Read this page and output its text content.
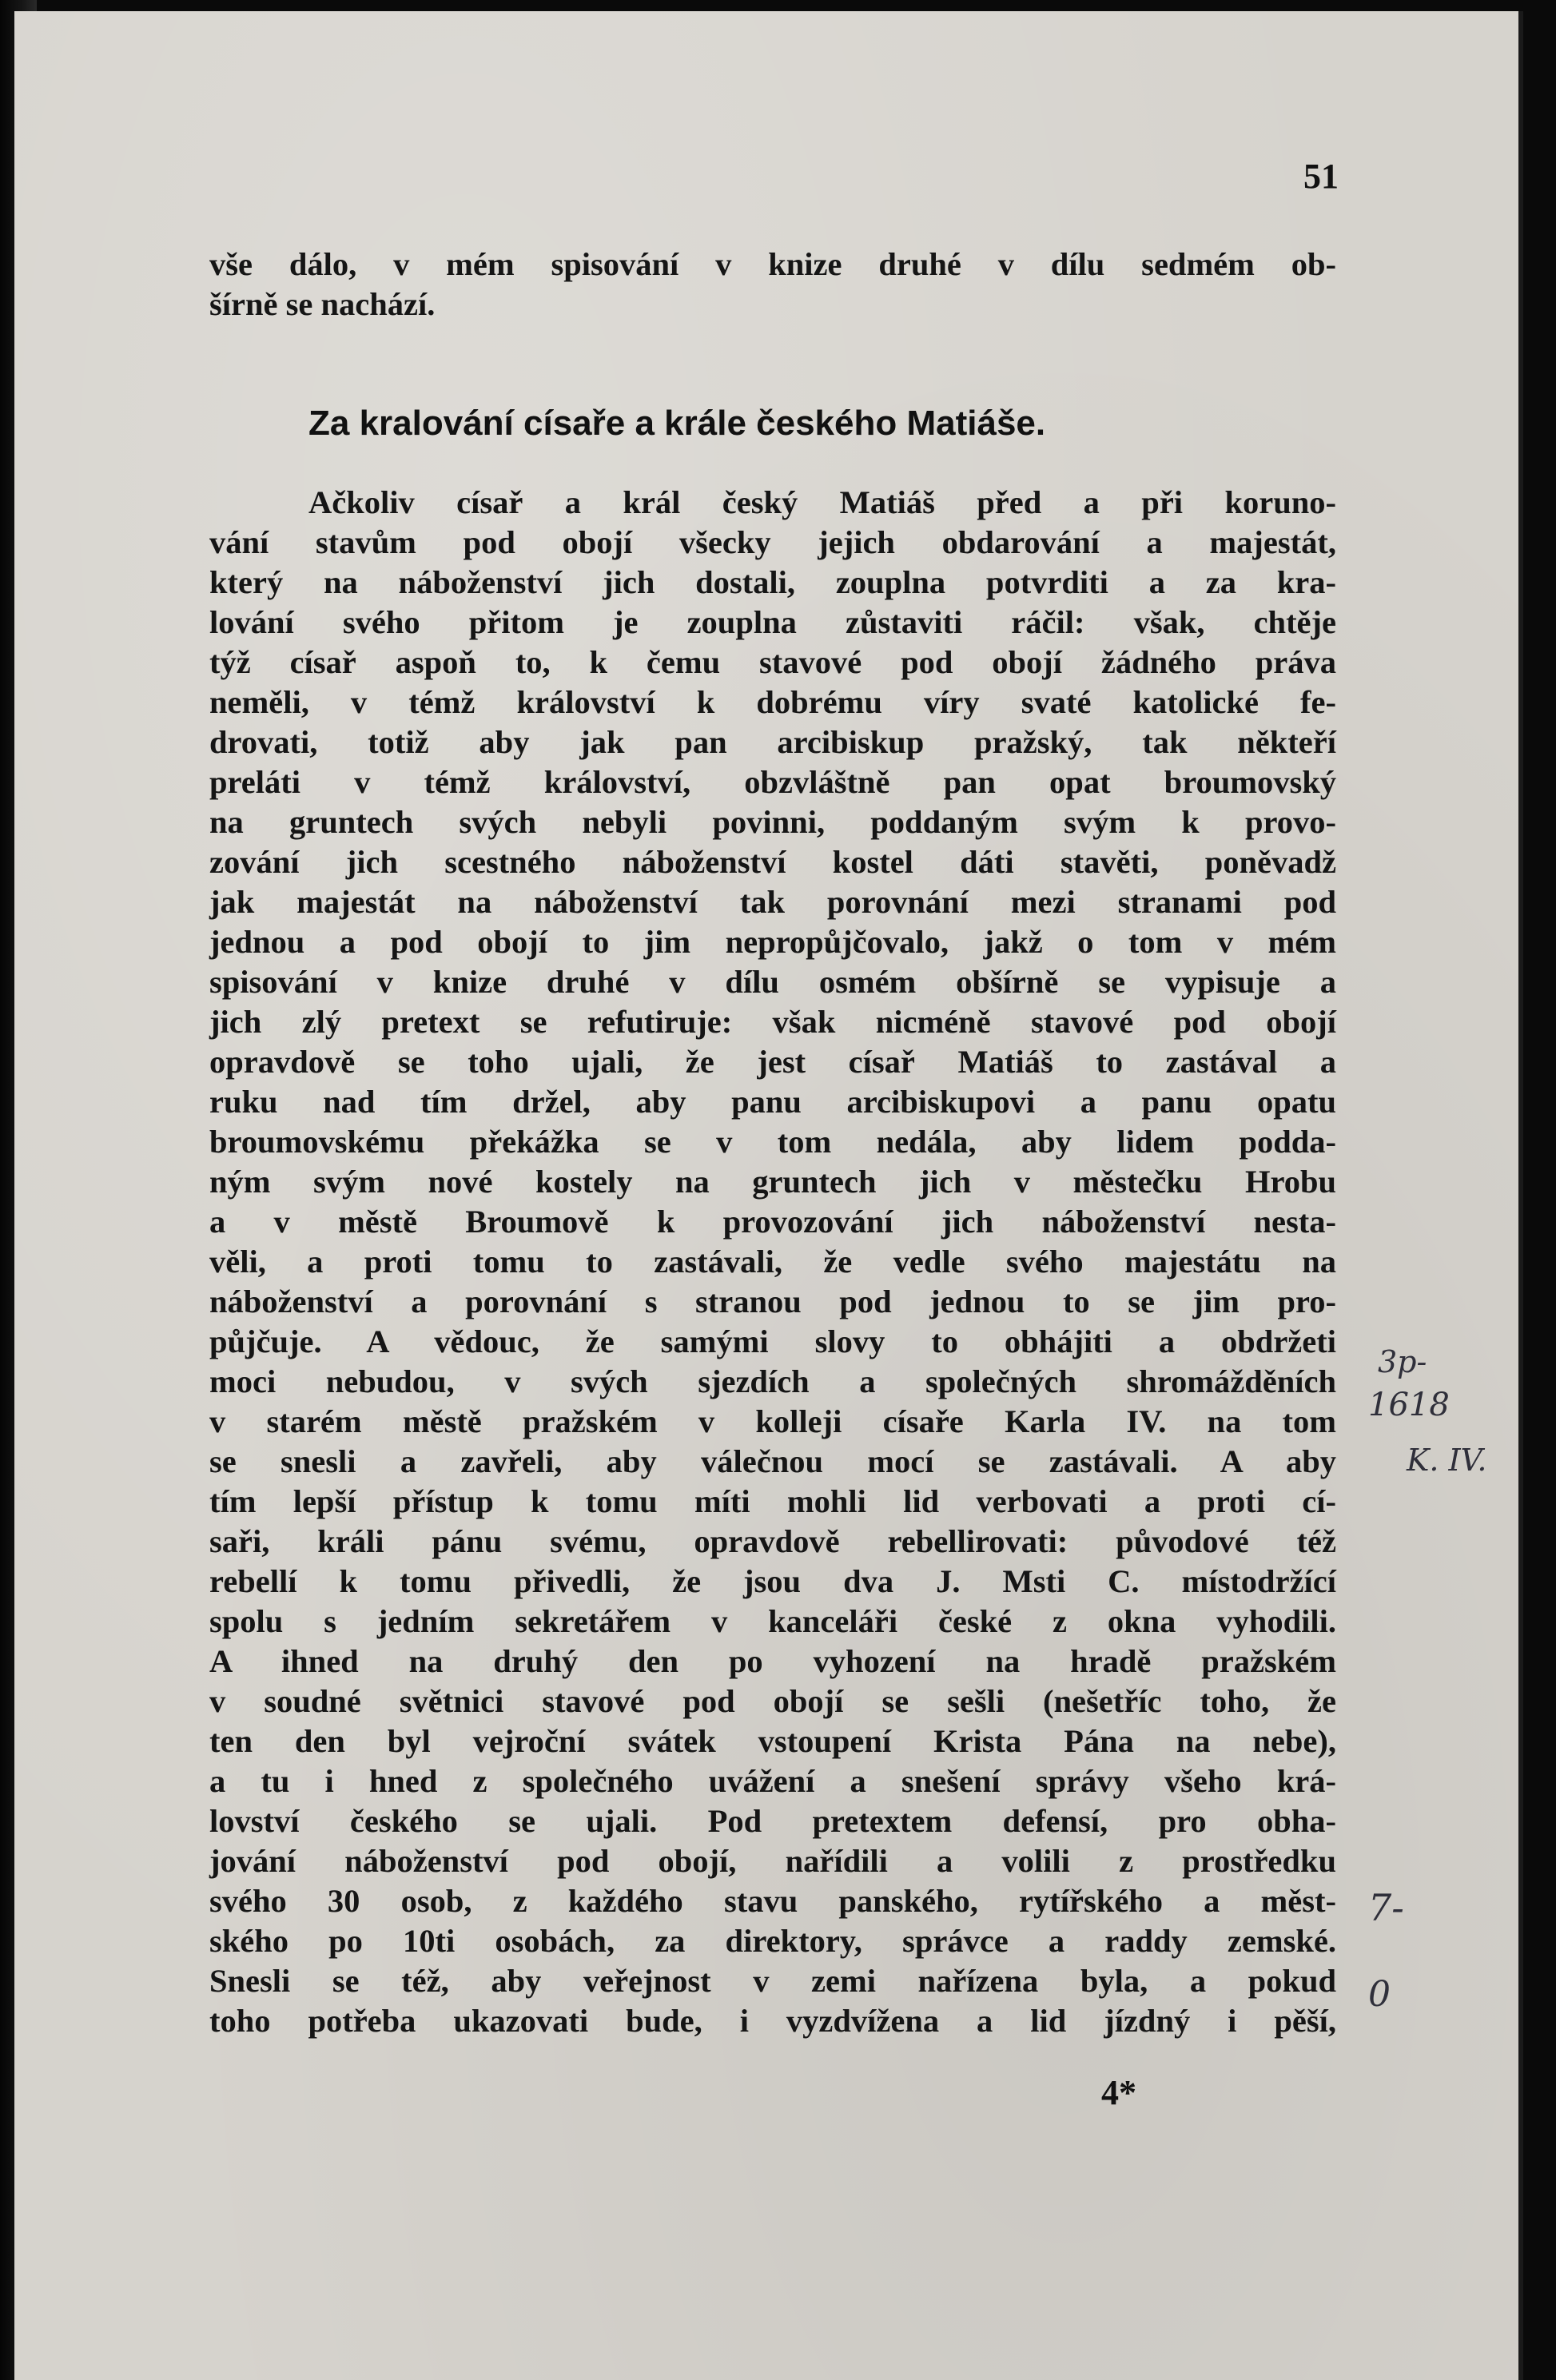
51

vše dálo, v mém spisování v knize druhé v dílu sedmém ob-

šírně se nachází.

Za kralování císaře a krále českého Matiáše.

Ačkoliv císař a král český Matiáš před a při koruno-

vání stavům pod obojí všecky jejich obdarování a majestát,

který na náboženství jich dostali, zouplna potvrditi a za kra-

lování svého přitom je zouplna zůstaviti ráčil: však, chtěje

týž císař aspoň to, k čemu stavové pod obojí žádného práva

neměli, v témž království k dobrému víry svaté katolické fe-

drovati, totiž aby jak pan arcibiskup pražský, tak někteří

preláti v témž království, obzvláštně pan opat broumovský

na gruntech svých nebyli povinni, poddaným svým k provo-

zování jich scestného náboženství kostel dáti stavěti, poněvadž

jak majestát na náboženství tak porovnání mezi stranami pod

jednou a pod obojí to jim nepropůjčovalo, jakž o tom v mém

spisování v knize druhé v dílu osmém obšírně se vypisuje a

jich zlý pretext se refutiruje: však nicméně stavové pod obojí

opravdově se toho ujali, že jest císař Matiáš to zastával a

ruku nad tím držel, aby panu arcibiskupovi a panu opatu

broumovskému překážka se v tom nedála, aby lidem podda-

ným svým nové kostely na gruntech jich v městečku Hrobu

a v městě Broumově k provozování jich náboženství nesta-

věli, a proti tomu to zastávali, že vedle svého majestátu na

náboženství a porovnání s stranou pod jednou to se jim pro-

půjčuje. A vědouc, že samými slovy to obhájiti a obdržeti

moci nebudou, v svých sjezdích a společných shromážděních

v starém městě pražském v kolleji císaře Karla IV. na tom

se snesli a zavřeli, aby válečnou mocí se zastávali. A aby

tím lepší přístup k tomu míti mohli lid verbovati a proti cí-

saři, králi pánu svému, opravdově rebellirovati: původové též

rebellí k tomu přivedli, že jsou dva J. Msti C. místodržící

spolu s jedním sekretářem v kanceláři české z okna vyhodili.

A ihned na druhý den po vyhození na hradě pražském

v soudné světnici stavové pod obojí se sešli (nešetříc toho, že

ten den byl vejroční svátek vstoupení Krista Pána na nebe),

a tu i hned z společného uvážení a snešení správy všeho krá-

lovství českého se ujali. Pod pretextem defensí, pro obha-

jování náboženství pod obojí, nařídili a volili z prostředku

svého 30 osob, z každého stavu panského, rytířského a měst-

ského po 10ti osobách, za direktory, správce a raddy zemské.

Snesli se též, aby veřejnost v zemi nařízena byla, a pokud

toho potřeba ukazovati bude, i vyzdvížena a lid jízdný i pěší,

4*
3p-
1618
K. IV.
7-
0
